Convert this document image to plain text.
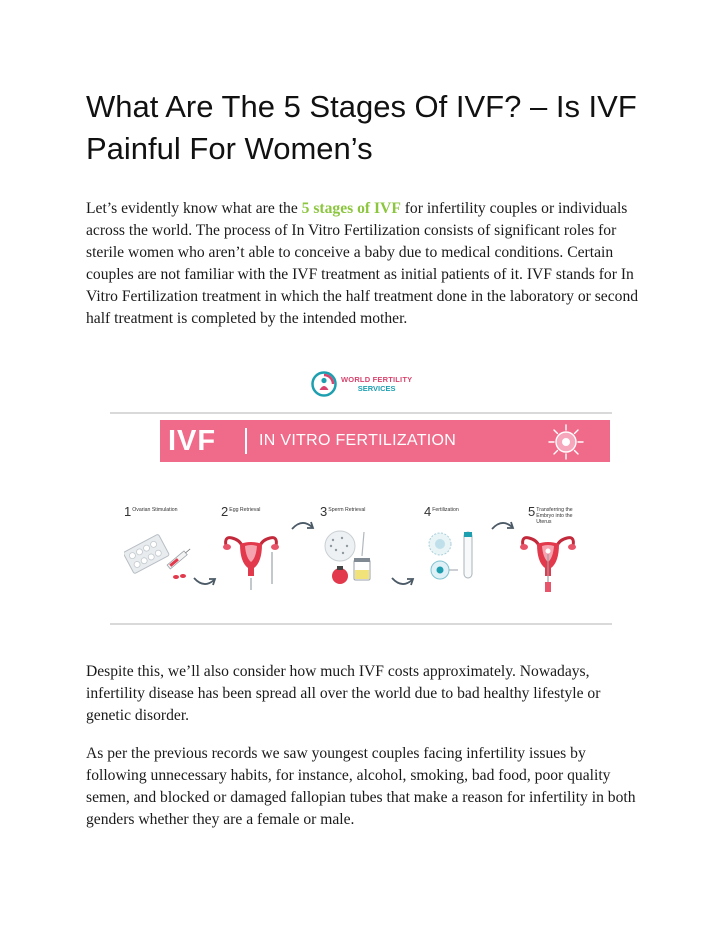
What Are The 5 Stages Of IVF? – Is IVF Painful For Women’s

Let’s evidently know what are the 5 stages of IVF for infertility couples or individuals across the world. The process of In Vitro Fertilization consists of significant roles for sterile women who aren’t able to conceive a baby due to medical conditions. Certain couples are not familiar with the IVF treatment as initial patients of it. IVF stands for In Vitro Fertilization treatment in which the half treatment done in the laboratory or second half treatment is completed by the intended mother.

WORLD FERTILITY
SERVICES
IVF	IN VITRO FERTILIZATION
1 Ovarian Stimulation	2 Egg Retrieval	3 Sperm Retrieval	4 Fertilization	5 Transferring the Embryo into the Uterus

Despite this, we’ll also consider how much IVF costs approximately. Nowadays, infertility disease has been spread all over the world due to bad healthy lifestyle or genetic disorder.

As per the previous records we saw youngest couples facing infertility issues by following unnecessary habits, for instance, alcohol, smoking, bad food, poor quality semen, and blocked or damaged fallopian tubes that make a reason for infertility in both genders whether they are a female or male.
